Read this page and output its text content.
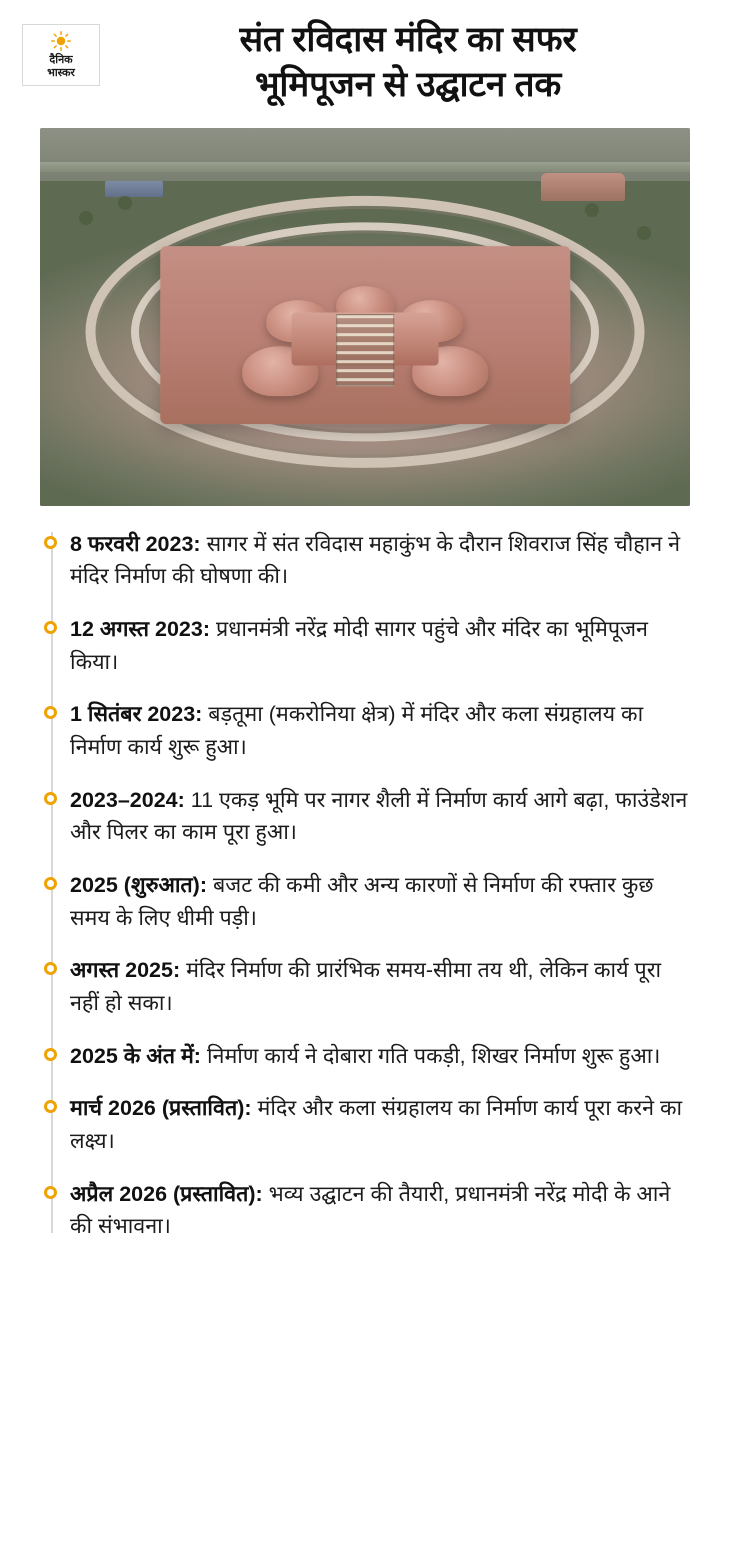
दैनिक
भास्कर
संत रविदास मंदिर का सफर
भूमिपूजन से उद्घाटन तक

8 फरवरी 2023: सागर में संत रविदास महाकुंभ के दौरान शिवराज सिंह चौहान ने मंदिर निर्माण की घोषणा की।

12 अगस्त 2023: प्रधानमंत्री नरेंद्र मोदी सागर पहुंचे और मंदिर का भूमिपूजन किया।

1 सितंबर 2023: बड़तूमा (मकरोनिया क्षेत्र) में मंदिर और कला संग्रहालय का निर्माण कार्य शुरू हुआ।

2023–2024: 11 एकड़ भूमि पर नागर शैली में निर्माण कार्य आगे बढ़ा, फाउंडेशन और पिलर का काम पूरा हुआ।

2025 (शुरुआत): बजट की कमी और अन्य कारणों से निर्माण की रफ्तार कुछ समय के लिए धीमी पड़ी।

अगस्त 2025: मंदिर निर्माण की प्रारंभिक समय-सीमा तय थी, लेकिन कार्य पूरा नहीं हो सका।

2025 के अंत में: निर्माण कार्य ने दोबारा गति पकड़ी, शिखर निर्माण शुरू हुआ।

मार्च 2026 (प्रस्तावित): मंदिर और कला संग्रहालय का निर्माण कार्य पूरा करने का लक्ष्य।

अप्रैल 2026 (प्रस्तावित): भव्य उद्घाटन की तैयारी, प्रधानमंत्री नरेंद्र मोदी के आने की संभावना।
